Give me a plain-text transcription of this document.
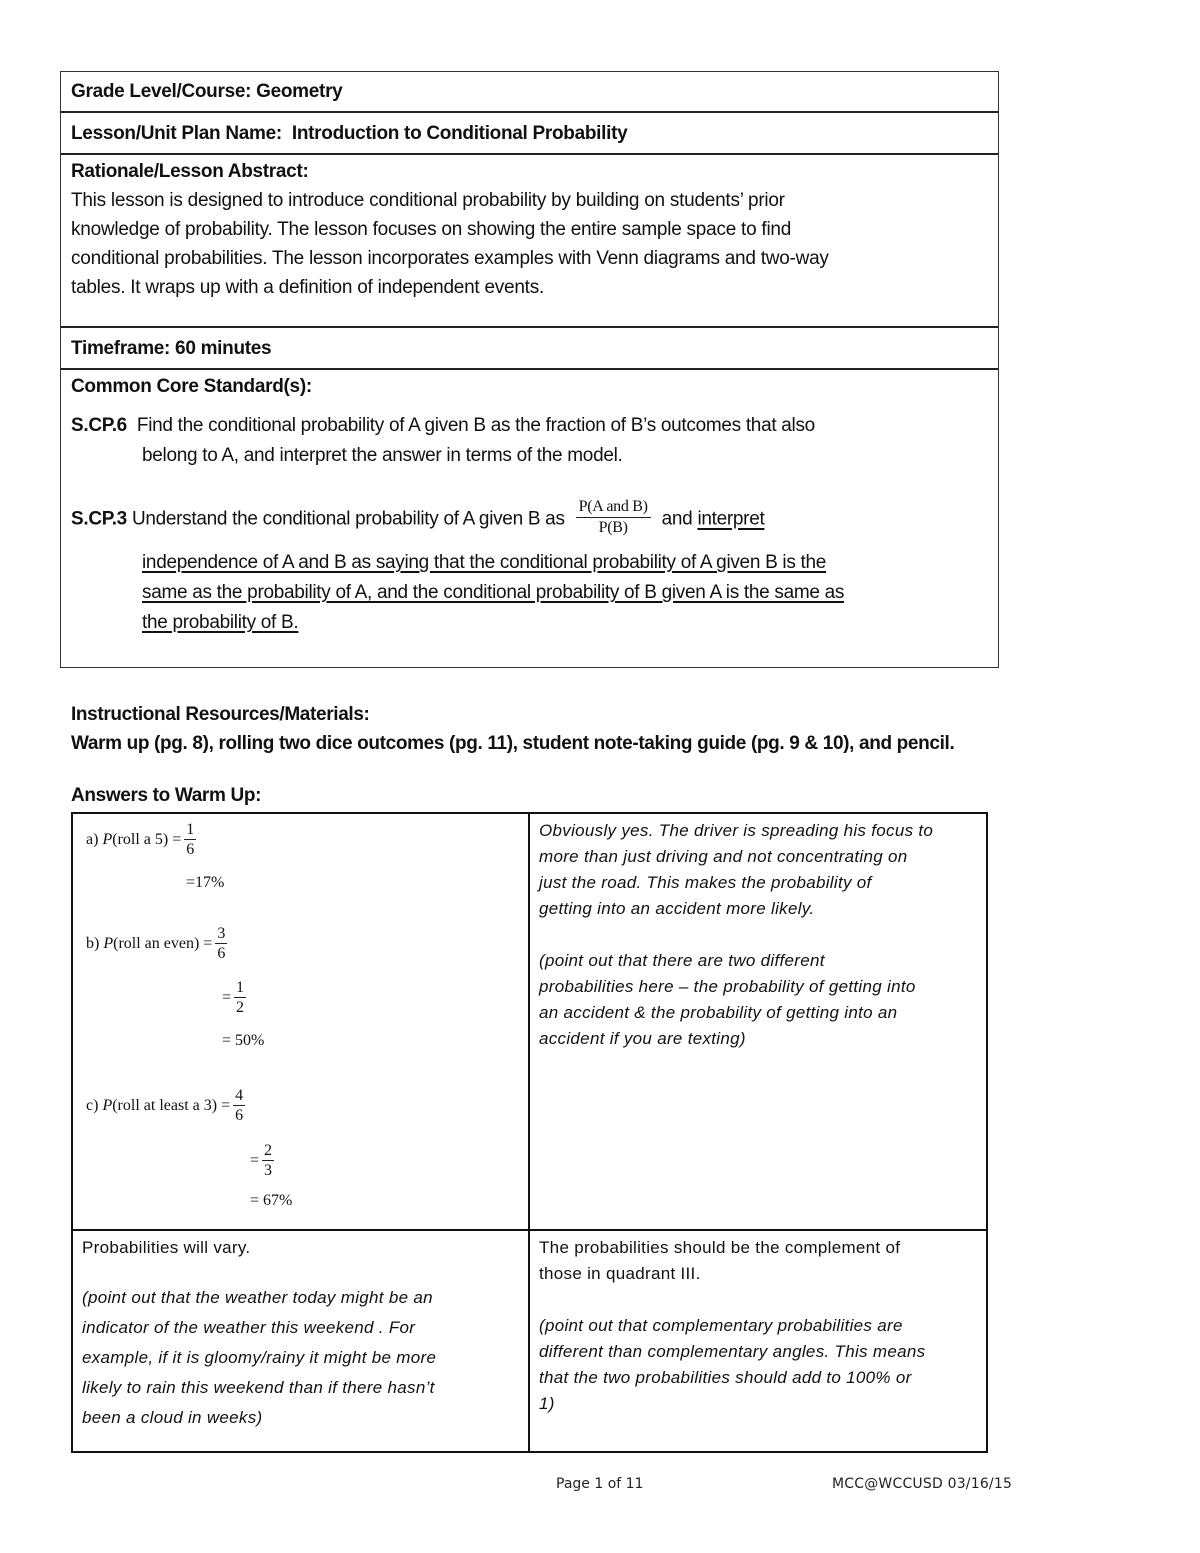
Grade Level/Course: Geometry
Lesson/Unit Plan Name: Introduction to Conditional Probability
Rationale/Lesson Abstract:
This lesson is designed to introduce conditional probability by building on students’ prior
knowledge of probability. The lesson focuses on showing the entire sample space to find
conditional probabilities. The lesson incorporates examples with Venn diagrams and two-way
tables. It wraps up with a definition of independent events.
Timeframe: 60 minutes
Common Core Standard(s):
S.CP.6 Find the conditional probability of A given B as the fraction of B’s outcomes that also
belong to A, and interpret the answer in terms of the model.
S.CP.3 Understand the conditional probability of A given B as $\frac{\text{P(A and B)}}{P(B)}$ and interpret
independence of A and B as saying that the conditional probability of A given B is the
same as the probability of A, and the conditional probability of B given A is the same as
the probability of B.
Instructional Resources/Materials:
Warm up (pg. 8), rolling two dice outcomes (pg. 11), student note-taking guide (pg. 9 & 10), and pencil.
Answers to Warm Up:
a)
P (roll a $5) = \frac{1}{6}$
=17%
b)
P (roll an even) = $\frac{3}{6}$
= $\frac{1}{2}$
= 50%
c)
P (roll at least a $3) = \frac{4}{6}$
= $\frac{2}{3}$
= 67%
Obviously yes. The driver is spreading his focus to
more than just driving and not concentrating on
just the road. This makes the probability of
getting into an accident more likely.
(point out that there are two different
probabilities here – the probability of getting into
an accident & the probability of getting into an
accident if you are texting)
Probabilities will vary.
(point out that the weather today might be an
indicator of the weather this weekend . For
example, if it is gloomy/rainy it might be more
likely to rain this weekend than if there hasn’t
been a cloud in weeks)
The probabilities should be the complement of
those in quadrant III.
(point out that complementary probabilities are
different than complementary angles. This means
that the two probabilities should add to 100% or
1)
Page 1 of 11	MCC@WCCUSD 03/16/15
